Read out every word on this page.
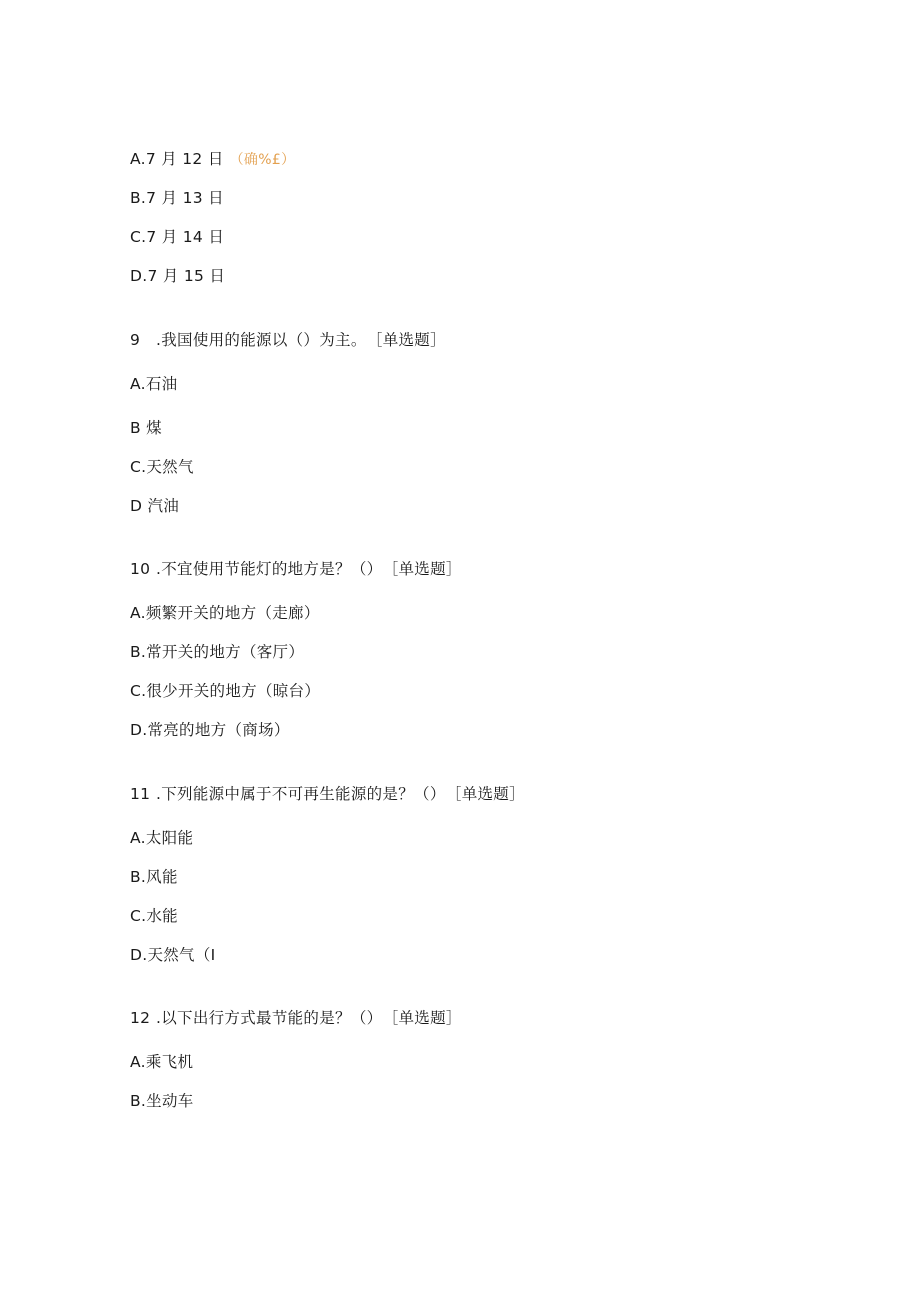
A.7 月 12 日 （确%£）
B.7 月 13 日
C.7 月 14 日
D.7 月 15 日
9 .我国使用的能源以（）为主。 ［单选题］
A.石油
B 煤
C.天然气
D 汽油
10 .不宜使用节能灯的地方是？（） ［单选题］
A.频繁开关的地方（走廊）
B.常开关的地方（客厅）
C.很少开关的地方（晾台）
D.常亮的地方（商场）
11 .下列能源中属于不可再生能源的是？（） ［单选题］
A.太阳能
B.风能
C.水能
D.天然气（I
12 .以下出行方式最节能的是？（） ［单选题］
A.乘飞机
B.坐动车
